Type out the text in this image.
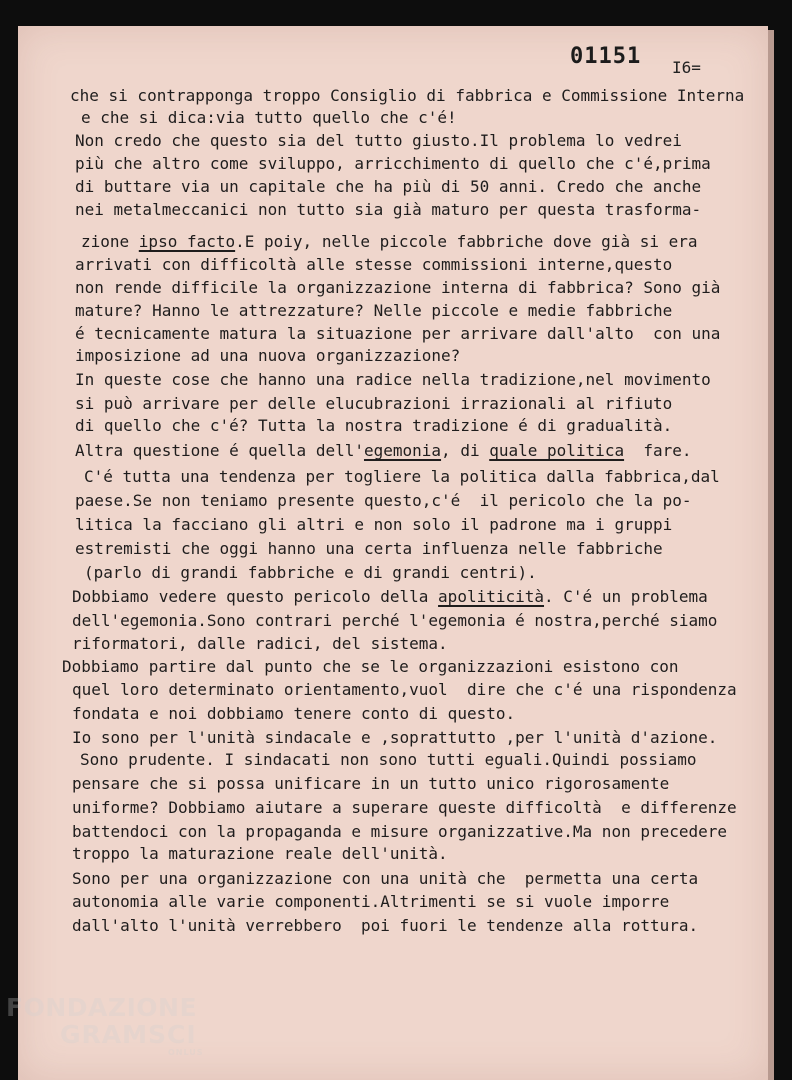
01151 I6=
che si contrapponga troppo Consiglio di fabbrica e Commissione Interna
e che si dica:via tutto quello che c'é!
Non credo che questo sia del tutto giusto.Il problema lo vedrei
più che altro come sviluppo, arricchimento di quello che c'é,prima
di buttare via un capitale che ha più di 50 anni. Credo che anche
nei metalmeccanici non tutto sia già maturo per questa trasforma-
zione ipso facto.E poiy, nelle piccole fabbriche dove già si era
arrivati con difficoltà alle stesse commissioni interne,questo
non rende difficile la organizzazione interna di fabbrica? Sono già
mature? Hanno le attrezzature? Nelle piccole e medie fabbriche
é tecnicamente matura la situazione per arrivare dall'alto  con una
imposizione ad una nuova organizzazione?
In queste cose che hanno una radice nella tradizione,nel movimento
si può arrivare per delle elucubrazioni irrazionali al rifiuto
di quello che c'é? Tutta la nostra tradizione é di gradualità.
Altra questione é quella dell'egemonia, di quale politica  fare.
C'é tutta una tendenza per togliere la politica dalla fabbrica,dal
paese.Se non teniamo presente questo,c'é  il pericolo che la po-
litica la facciano gli altri e non solo il padrone ma i gruppi
estremisti che oggi hanno una certa influenza nelle fabbriche
(parlo di grandi fabbriche e di grandi centri).
Dobbiamo vedere questo pericolo della apoliticità. C'é un problema
dell'egemonia.Sono contrari perché l'egemonia é nostra,perché siamo
riformatori, dalle radici, del sistema.
Dobbiamo partire dal punto che se le organizzazioni esistono con
quel loro determinato orientamento,vuol  dire che c'é una rispondenza
fondata e noi dobbiamo tenere conto di questo.
Io sono per l'unità sindacale e ,soprattutto ,per l'unità d'azione.
Sono prudente. I sindacati non sono tutti eguali.Quindi possiamo
pensare che si possa unificare in un tutto unico rigorosamente
uniforme? Dobbiamo aiutare a superare queste difficoltà  e differenze
battendoci con la propaganda e misure organizzative.Ma non precedere
troppo la maturazione reale dell'unità.
Sono per una organizzazione con una unità che  permetta una certa
autonomia alle varie componenti.Altrimenti se si vuole imporre
dall'alto l'unità verrebbero  poi fuori le tendenze alla rottura.
FONDAZIONE
GRAMSCI
ONLUS
